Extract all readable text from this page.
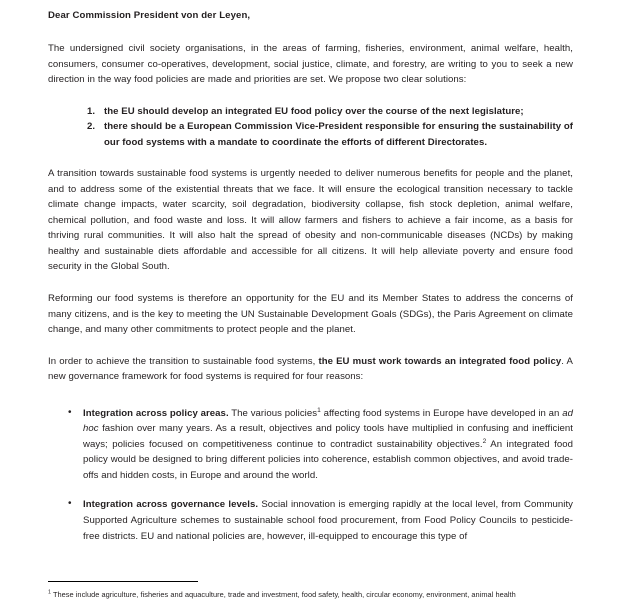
Dear Commission President von der Leyen,

The undersigned civil society organisations, in the areas of farming, fisheries, environment, animal welfare, health, consumers, consumer co-operatives, development, social justice, climate, and forestry, are writing to you to seek a new direction in the way food policies are made and priorities are set. We propose two clear solutions:

the EU should develop an integrated EU food policy over the course of the next legislature;
there should be a European Commission Vice-President responsible for ensuring the sustainability of our food systems with a mandate to coordinate the efforts of different Directorates.

A transition towards sustainable food systems is urgently needed to deliver numerous benefits for people and the planet, and to address some of the existential threats that we face. It will ensure the ecological transition necessary to tackle climate change impacts, water scarcity, soil degradation, biodiversity collapse, fish stock depletion, animal welfare, chemical pollution, and food waste and loss. It will allow farmers and fishers to achieve a fair income, as a basis for thriving rural communities. It will also halt the spread of obesity and non-communicable diseases (NCDs) by making healthy and sustainable diets affordable and accessible for all citizens. It will help alleviate poverty and ensure food security in the Global South.

Reforming our food systems is therefore an opportunity for the EU and its Member States to address the concerns of many citizens, and is the key to meeting the UN Sustainable Development Goals (SDGs), the Paris Agreement on climate change, and many other commitments to protect people and the planet.

In order to achieve the transition to sustainable food systems, the EU must work towards an integrated food policy. A new governance framework for food systems is required for four reasons:

• Integration across policy areas. The various policies$^1$ affecting food systems in Europe have developed in an ad hoc fashion over many years. As a result, objectives and policy tools have multiplied in confusing and inefficient ways; policies focused on competitiveness continue to contradict sustainability objectives.$^2$ An integrated food policy would be designed to bring different policies into coherence, establish common objectives, and avoid trade-offs and hidden costs, in Europe and around the world.
• Integration across governance levels. Social innovation is emerging rapidly at the local level, from Community Supported Agriculture schemes to sustainable school food procurement, from Food Policy Councils to pesticide-free districts. EU and national policies are, however, ill-equipped to encourage this type of

$^1$ These include agriculture, fisheries and aquaculture, trade and investment, food safety, health, circular economy, environment, animal health
